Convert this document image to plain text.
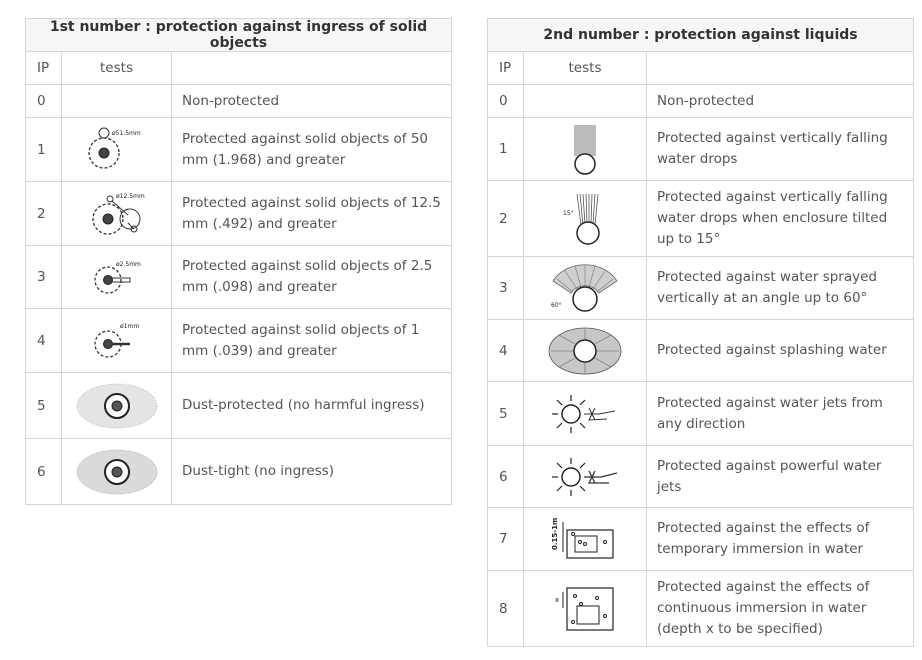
1st number : protection against ingress of solid objects		
IP	tests	
0		Non-protected
1	ø51.5mm	Protected against solid objects of 50 mm (1.968) and greater
2	ø12.5mm	Protected against solid objects of 12.5 mm (.492) and greater
3	ø2.5mm	Protected against solid objects of 2.5 mm (.098) and greater
4	ø1mm	Protected against solid objects of 1 mm (.039) and greater
5		Dust-protected (no harmful ingress)
6		Dust-tight (no ingress)
2nd number : protection against liquids		
IP	tests	
0		Non-protected
1		Protected against vertically falling water drops
2	15°	Protected against vertically falling water drops when enclosure tilted up to 15°
3	60°	Protected against water sprayed vertically at an angle up to 60°
4		Protected against splashing water
5		Protected against water jets from any direction
6		Protected against powerful water jets
7	0.15-1m	Protected against the effects of temporary immersion in water
8	x	Protected against the effects of continuous immersion in water (depth x to be specified)
